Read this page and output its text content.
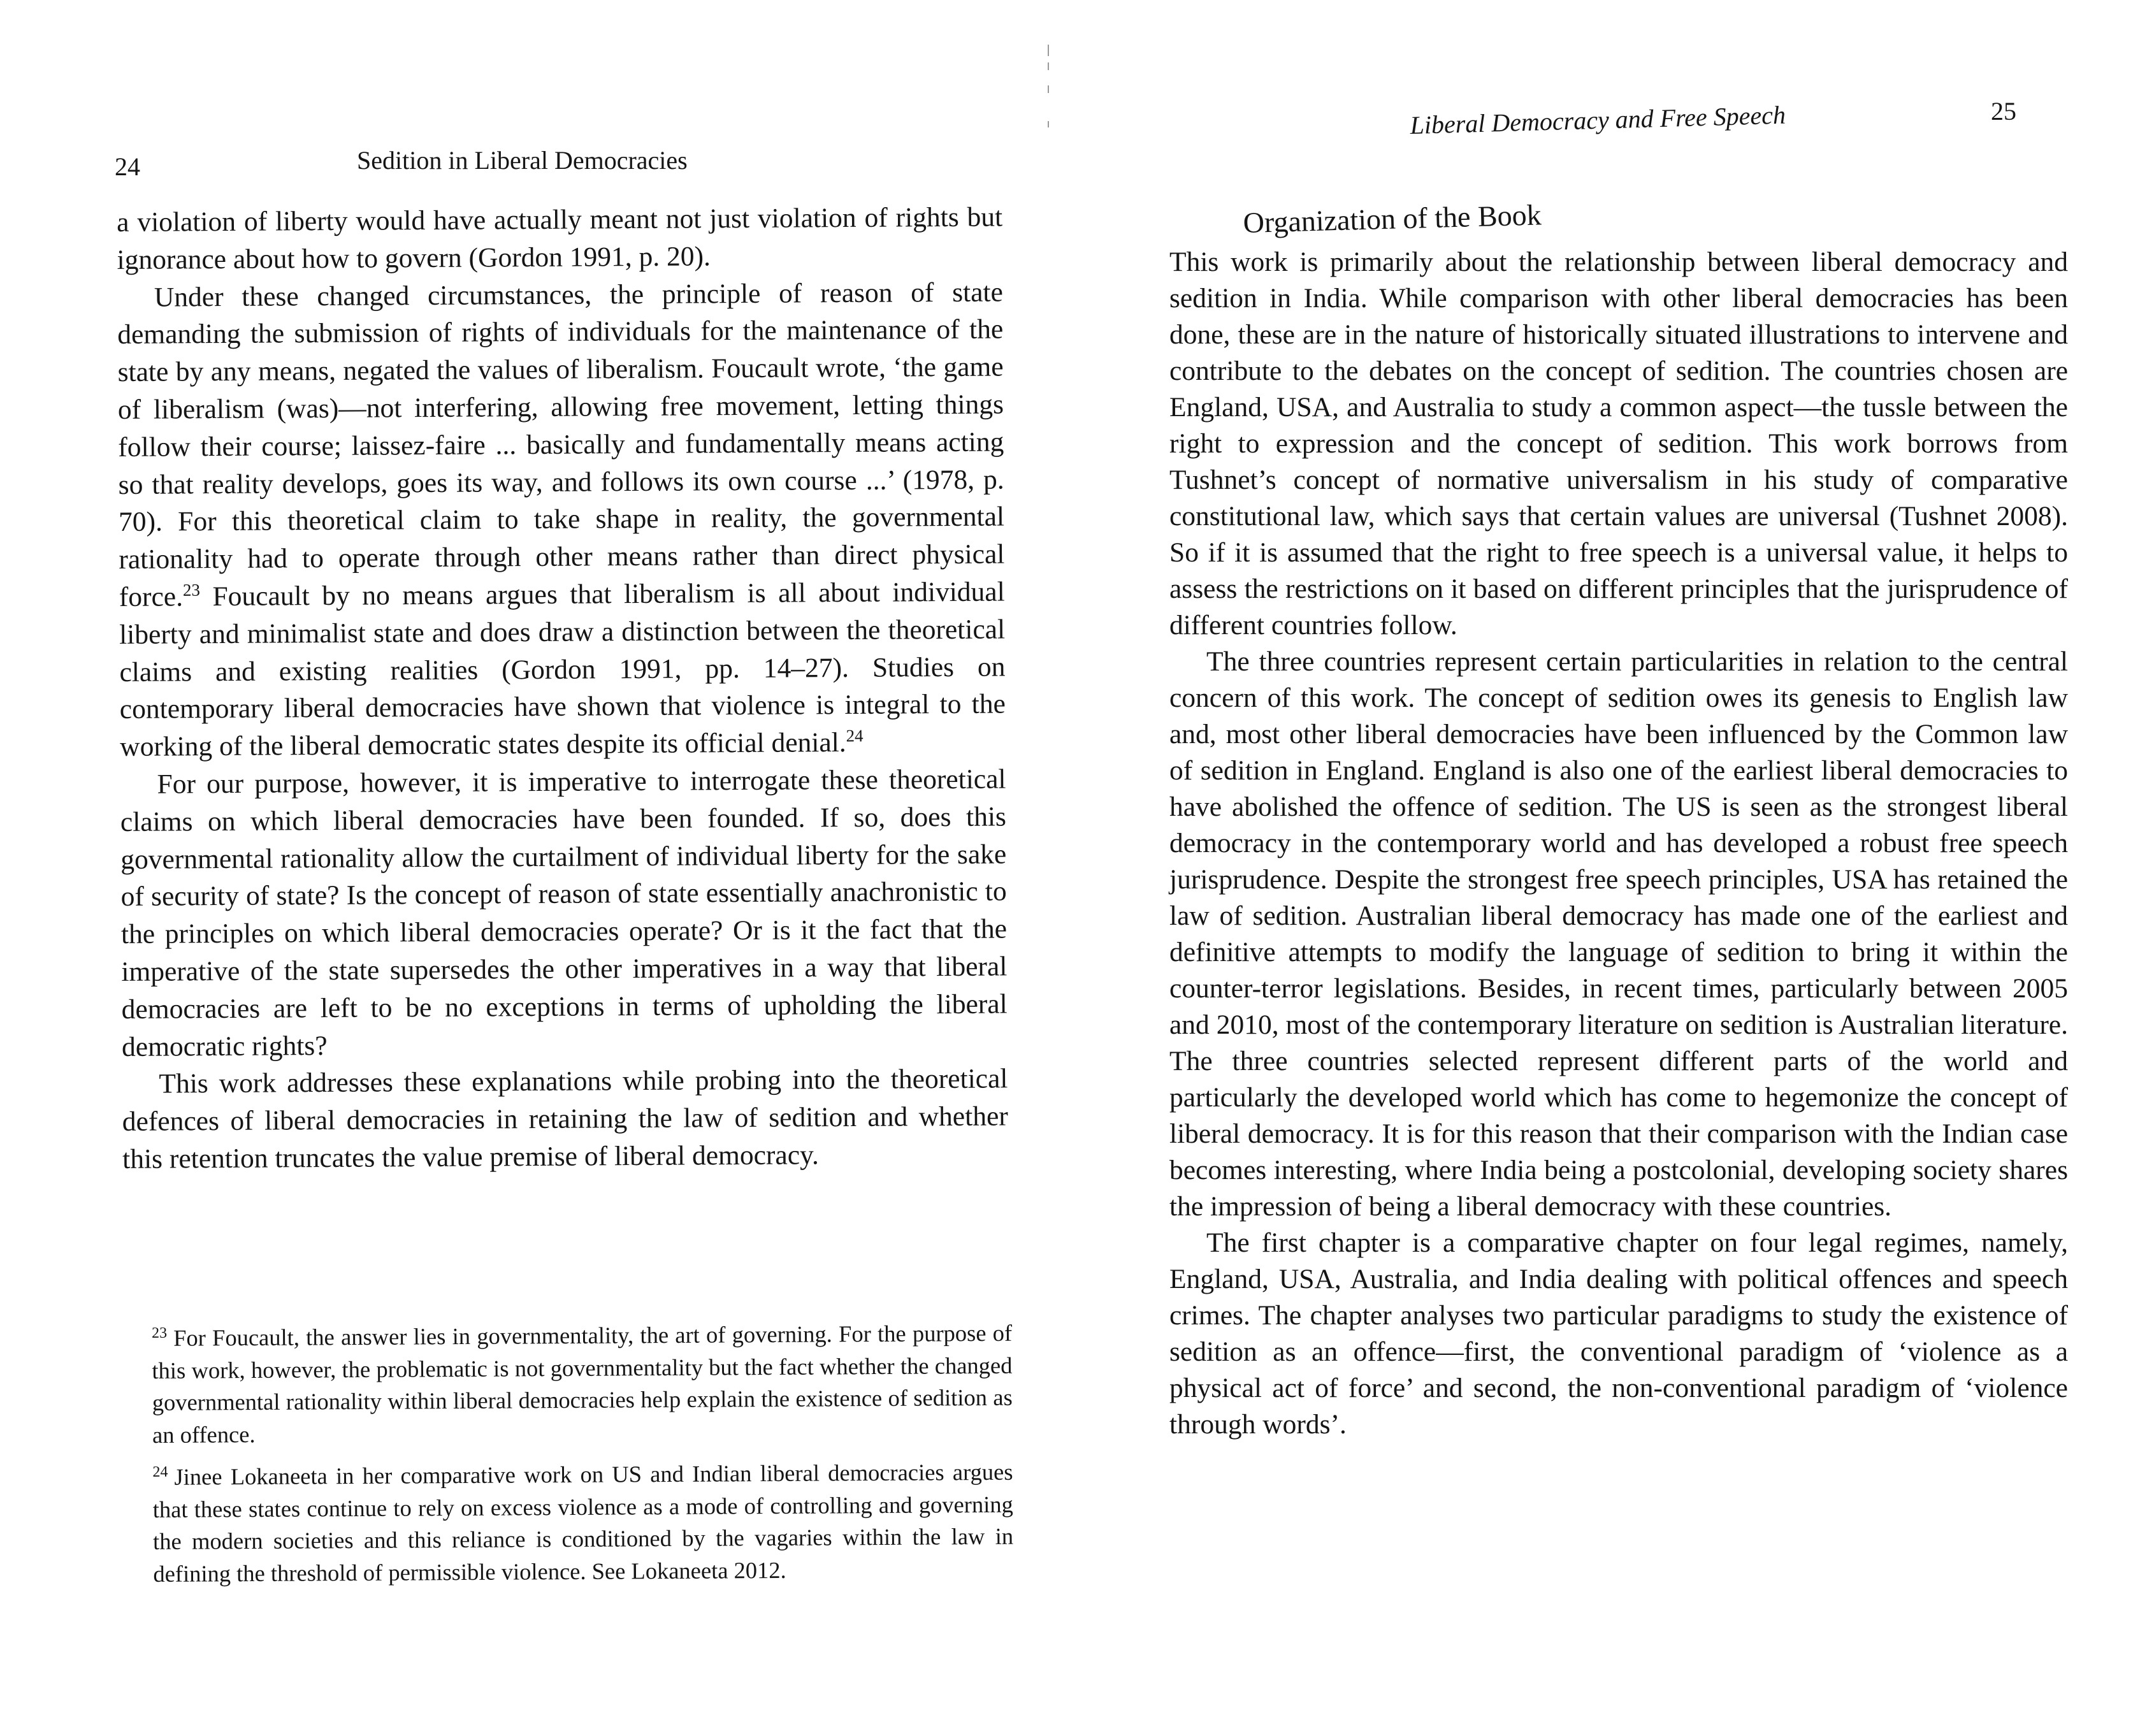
24	Sedition in Liberal Democracies

a violation of liberty would have actually meant not just violation of rights but ignorance about how to govern (Gordon 1991, p. 20).

Under these changed circumstances, the principle of reason of state demanding the submission of rights of individuals for the maintenance of the state by any means, negated the values of liberalism. Foucault wrote, ‘the game of liberalism (was)—not interfering, allowing free movement, letting things follow their course; laissez-faire ... basically and fundamentally means acting so that reality develops, goes its way, and follows its own course ...’ (1978, p. 70). For this theoretical claim to take shape in reality, the governmental rationality had to operate through other means rather than direct physical force.$^{23}$ Foucault by no means argues that liberalism is all about individual liberty and minimalist state and does draw a distinction between the theoretical claims and existing realities (Gordon 1991, pp. 14–27). Studies on contemporary liberal democracies have shown that violence is integral to the working of the liberal democratic states despite its official denial.$^{24}$

For our purpose, however, it is imperative to interrogate these theoretical claims on which liberal democracies have been founded. If so, does this governmental rationality allow the curtailment of individual liberty for the sake of security of state? Is the concept of reason of state essentially anachronistic to the principles on which liberal democracies operate? Or is it the fact that the imperative of the state supersedes the other imperatives in a way that liberal democracies are left to be no exceptions in terms of upholding the liberal democratic rights?

This work addresses these explanations while probing into the theoretical defences of liberal democracies in retaining the law of sedition and whether this retention truncates the value premise of liberal democracy.

$^{23}$ For Foucault, the answer lies in governmentality, the art of governing. For the purpose of this work, however, the problematic is not governmentality but the fact whether the changed governmental rationality within liberal democracies help explain the existence of sedition as an offence.

$^{24}$ Jinee Lokaneeta in her comparative work on US and Indian liberal democracies argues that these states continue to rely on excess violence as a mode of controlling and governing the modern societies and this reliance is conditioned by the vagaries within the law in defining the threshold of permissible violence. See Lokaneeta 2012.

Liberal Democracy and Free Speech	25
Organization of the Book

This work is primarily about the relationship between liberal democracy and sedition in India. While comparison with other liberal democracies has been done, these are in the nature of historically situated illustrations to intervene and contribute to the debates on the concept of sedition. The countries chosen are England, USA, and Australia to study a common aspect—the tussle between the right to expression and the concept of sedition. This work borrows from Tushnet’s concept of normative universalism in his study of comparative constitutional law, which says that certain values are universal (Tushnet 2008). So if it is assumed that the right to free speech is a universal value, it helps to assess the restrictions on it based on different principles that the jurisprudence of different countries follow.

The three countries represent certain particularities in relation to the central concern of this work. The concept of sedition owes its genesis to English law and, most other liberal democracies have been influenced by the Common law of sedition in England. England is also one of the earliest liberal democracies to have abolished the offence of sedition. The US is seen as the strongest liberal democracy in the contemporary world and has developed a robust free speech jurisprudence. Despite the strongest free speech principles, USA has retained the law of sedition. Australian liberal democracy has made one of the earliest and definitive attempts to modify the language of sedition to bring it within the counter-terror legislations. Besides, in recent times, particularly between 2005 and 2010, most of the contemporary literature on sedition is Australian literature. The three countries selected represent different parts of the world and particularly the developed world which has come to hegemonize the concept of liberal democracy. It is for this reason that their comparison with the Indian case becomes interesting, where India being a postcolonial, developing society shares the impression of being a liberal democracy with these countries.

The first chapter is a comparative chapter on four legal regimes, namely, England, USA, Australia, and India dealing with political offences and speech crimes. The chapter analyses two particular paradigms to study the existence of sedition as an offence—first, the conventional paradigm of ‘violence as a physical act of force’ and second, the non-conventional paradigm of ‘violence through words’.
